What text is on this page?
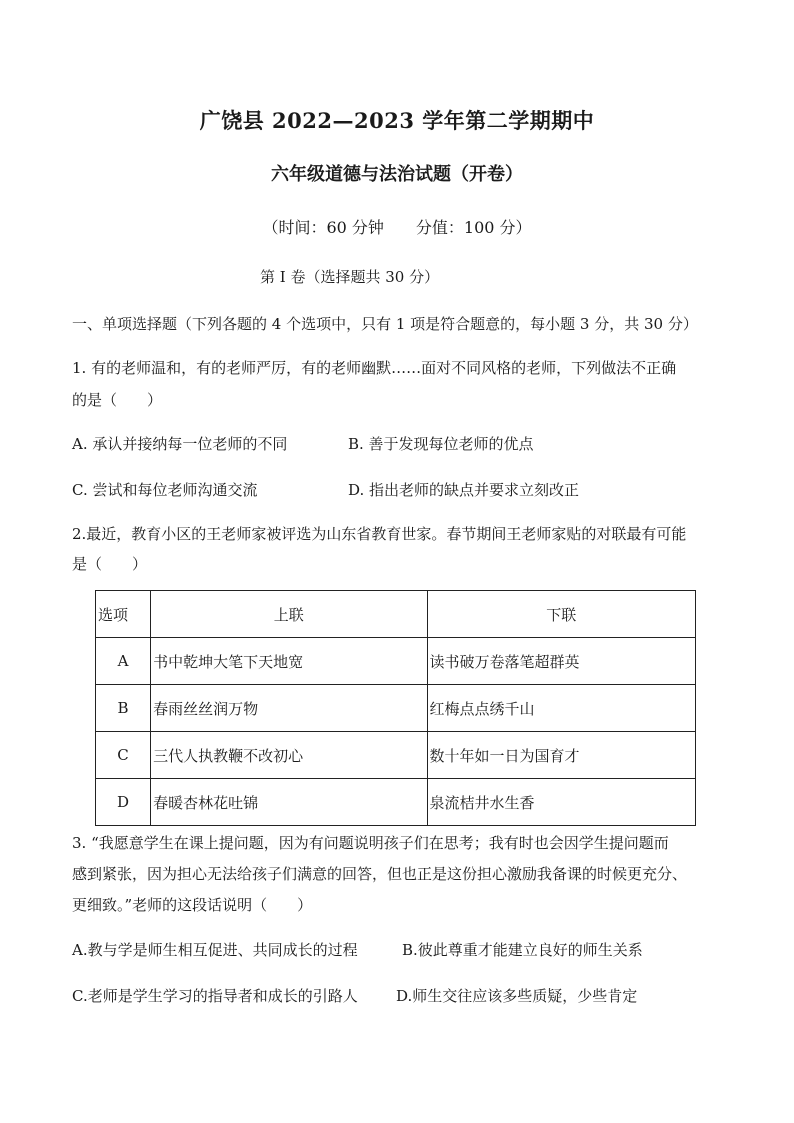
广饶县 2022—2023 学年第二学期期中
六年级道德与法治试题（开卷）
（时间：60 分钟 分值：100 分）
第 I 卷（选择题共 30 分）
一、单项选择题（下列各题的 4 个选项中，只有 1 项是符合题意的，每小题 3 分，共 30 分）
1. 有的老师温和，有的老师严厉，有的老师幽默……面对不同风格的老师，下列做法不正确
的是（　　）
A. 承认并接纳每一位老师的不同	B. 善于发现每位老师的优点
C. 尝试和每位老师沟通交流	D. 指出老师的缺点并要求立刻改正
2.最近，教育小区的王老师家被评选为山东省教育世家。春节期间王老师家贴的对联最有可能
是（　　）
选项	上联	下联
A	书中乾坤大笔下天地宽	读书破万卷落笔超群英
B	春雨丝丝润万物	红梅点点绣千山
C	三代人执教鞭不改初心	数十年如一日为国育才
D	春暖杏林花吐锦	泉流桔井水生香
3. “我愿意学生在课上提问题，因为有问题说明孩子们在思考；我有时也会因学生提问题而
感到紧张，因为担心无法给孩子们满意的回答，但也正是这份担心激励我备课的时候更充分、
更细致。”老师的这段话说明（　　）
A.教与学是师生相互促进、共同成长的过程	B.彼此尊重才能建立良好的师生关系
C.老师是学生学习的指导者和成长的引路人	D.师生交往应该多些质疑，少些肯定
